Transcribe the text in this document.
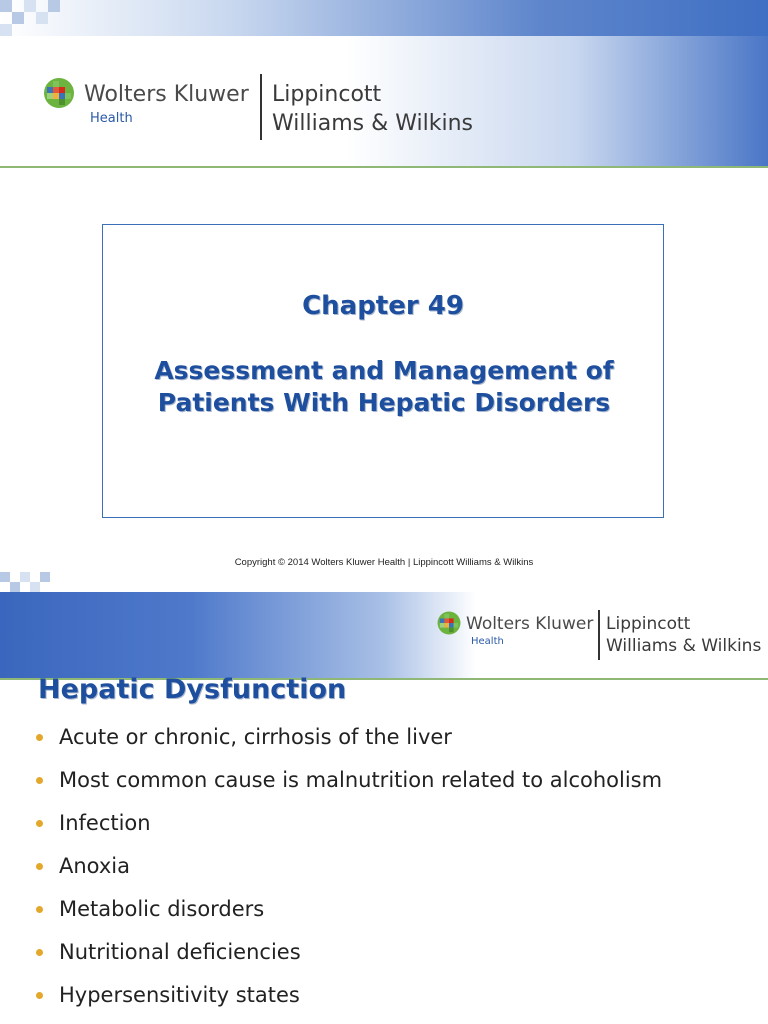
Wolters Kluwer
Health
Lippincott
Williams & Wilkins
Chapter 49
Assessment and Management of Patients With Hepatic Disorders
Copyright © 2014 Wolters Kluwer Health | Lippincott Williams & Wilkins
Wolters Kluwer
Health
Lippincott
Williams & Wilkins
Hepatic Dysfunction
Acute or chronic, cirrhosis of the liver
Most common cause is malnutrition related to alcoholism
Infection
Anoxia
Metabolic disorders
Nutritional deficiencies
Hypersensitivity states
